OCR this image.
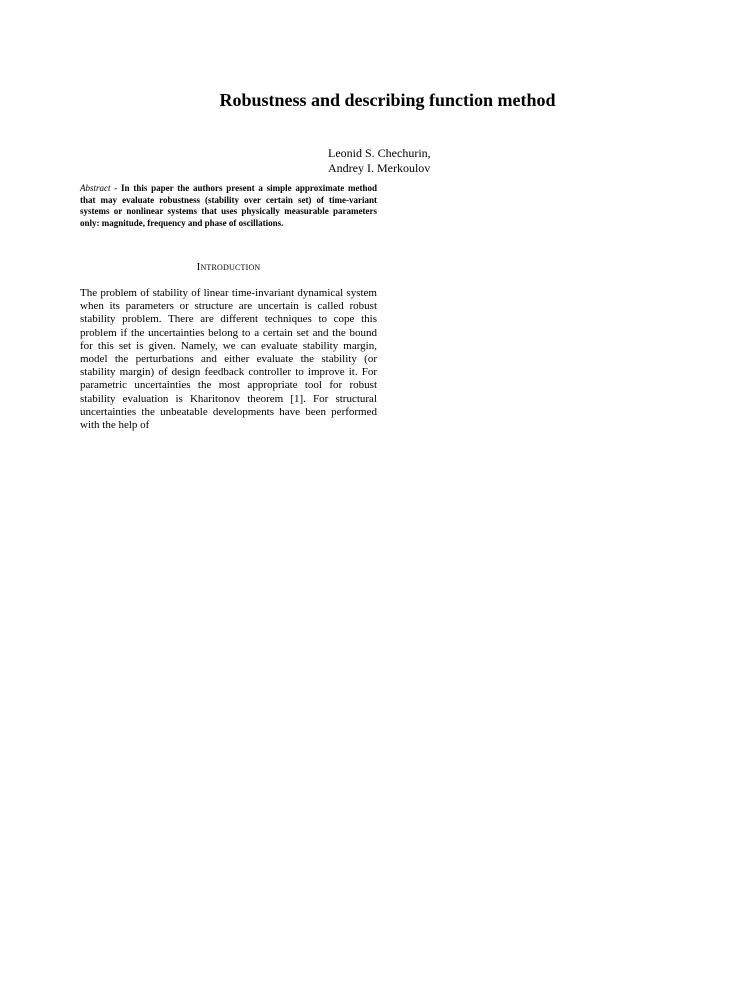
Robustness and describing function method
Leonid S. Chechurin,
Andrey I. Merkoulov
Abstract - In this paper the authors present a simple approximate method that may evaluate robustness (stability over certain set) of time-variant systems or nonlinear systems that uses physically measurable parameters only: magnitude, frequency and phase of oscillations.
Introduction
The problem of stability of linear time-invariant dynamical system when its parameters or structure are uncertain is called robust stability problem. There are different techniques to cope this problem if the uncertainties belong to a certain set and the bound for this set is given. Namely, we can evaluate stability margin, model the perturbations and either evaluate the stability (or stability margin) of design feedback controller to improve it. For parametric uncertainties the most appropriate tool for robust stability evaluation is Kharitonov theorem [1]. For structural uncertainties the unbeatable developments have been performed with the help of
